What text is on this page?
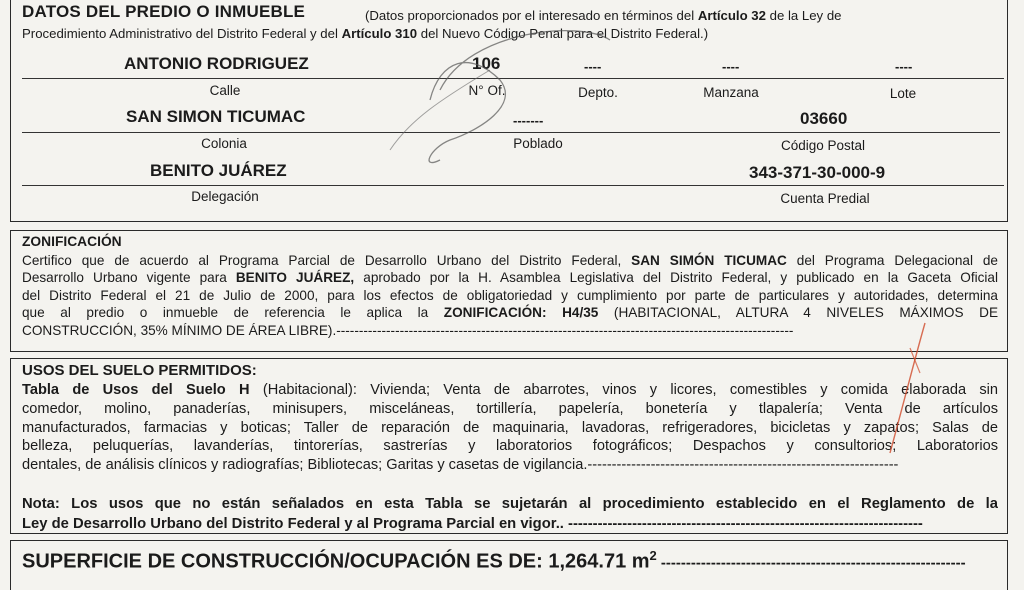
DATOS DEL PREDIO O INMUEBLE	(Datos proporcionados por el interesado en términos del Artículo 32 de la Ley de
Procedimiento Administrativo del Distrito Federal y del Artículo 310 del Nuevo Código Penal para el Distrito Federal.)
ANTONIO RODRIGUEZ	106	----	----	----
Calle	N° Of.	Depto.	Manzana	Lote
SAN SIMON TICUMAC	-------	03660
Colonia	Poblado	Código Postal
BENITO JUÁREZ	343-371-30-000-9
Delegación	Cuenta Predial
ZONIFICACIÓN
Certifico que de acuerdo al Programa Parcial de Desarrollo Urbano del Distrito Federal, SAN SIMÓN TICUMAC del Programa Delegacional de
Desarrollo Urbano vigente para BENITO JUÁREZ, aprobado por la H. Asamblea Legislativa del Distrito Federal, y publicado en la Gaceta Oficial
del Distrito Federal el 21 de Julio de 2000, para los efectos de obligatoriedad y cumplimiento por parte de particulares y autoridades, determina
que al predio o inmueble de referencia le aplica la ZONIFICACIÓN: H4/35 (HABITACIONAL, ALTURA 4 NIVELES MÁXIMOS DE
CONSTRUCCIÓN, 35% MÍNIMO DE ÁREA LIBRE).-----------------------------------------------------------------------------------------------------
USOS DEL SUELO PERMITIDOS:
Tabla de Usos del Suelo H (Habitacional): Vivienda; Venta de abarrotes, vinos y licores, comestibles y comida elaborada sin
comedor, molino, panaderías, minisupers, misceláneas, tortillería, papelería, bonetería y tlapalería; Venta de artículos
manufacturados, farmacias y boticas; Taller de reparación de maquinaria, lavadoras, refrigeradores, bicicletas y zapatos; Salas de
belleza, peluquerías, lavanderías, tintorerías, sastrerías y laboratorios fotográficos; Despachos y consultorios; Laboratorios
dentales, de análisis clínicos y radiografías; Bibliotecas; Garitas y casetas de vigilancia.----------------------------------------------------------------
Nota: Los usos que no están señalados en esta Tabla se sujetarán al procedimiento establecido en el Reglamento de la
Ley de Desarrollo Urbano del Distrito Federal y al Programa Parcial en vigor.. ------------------------------------------------------------------------
SUPERFICIE DE CONSTRUCCIÓN/OCUPACIÓN ES DE: 1,264.71 $m^2$ -------------------------------------------------------------
